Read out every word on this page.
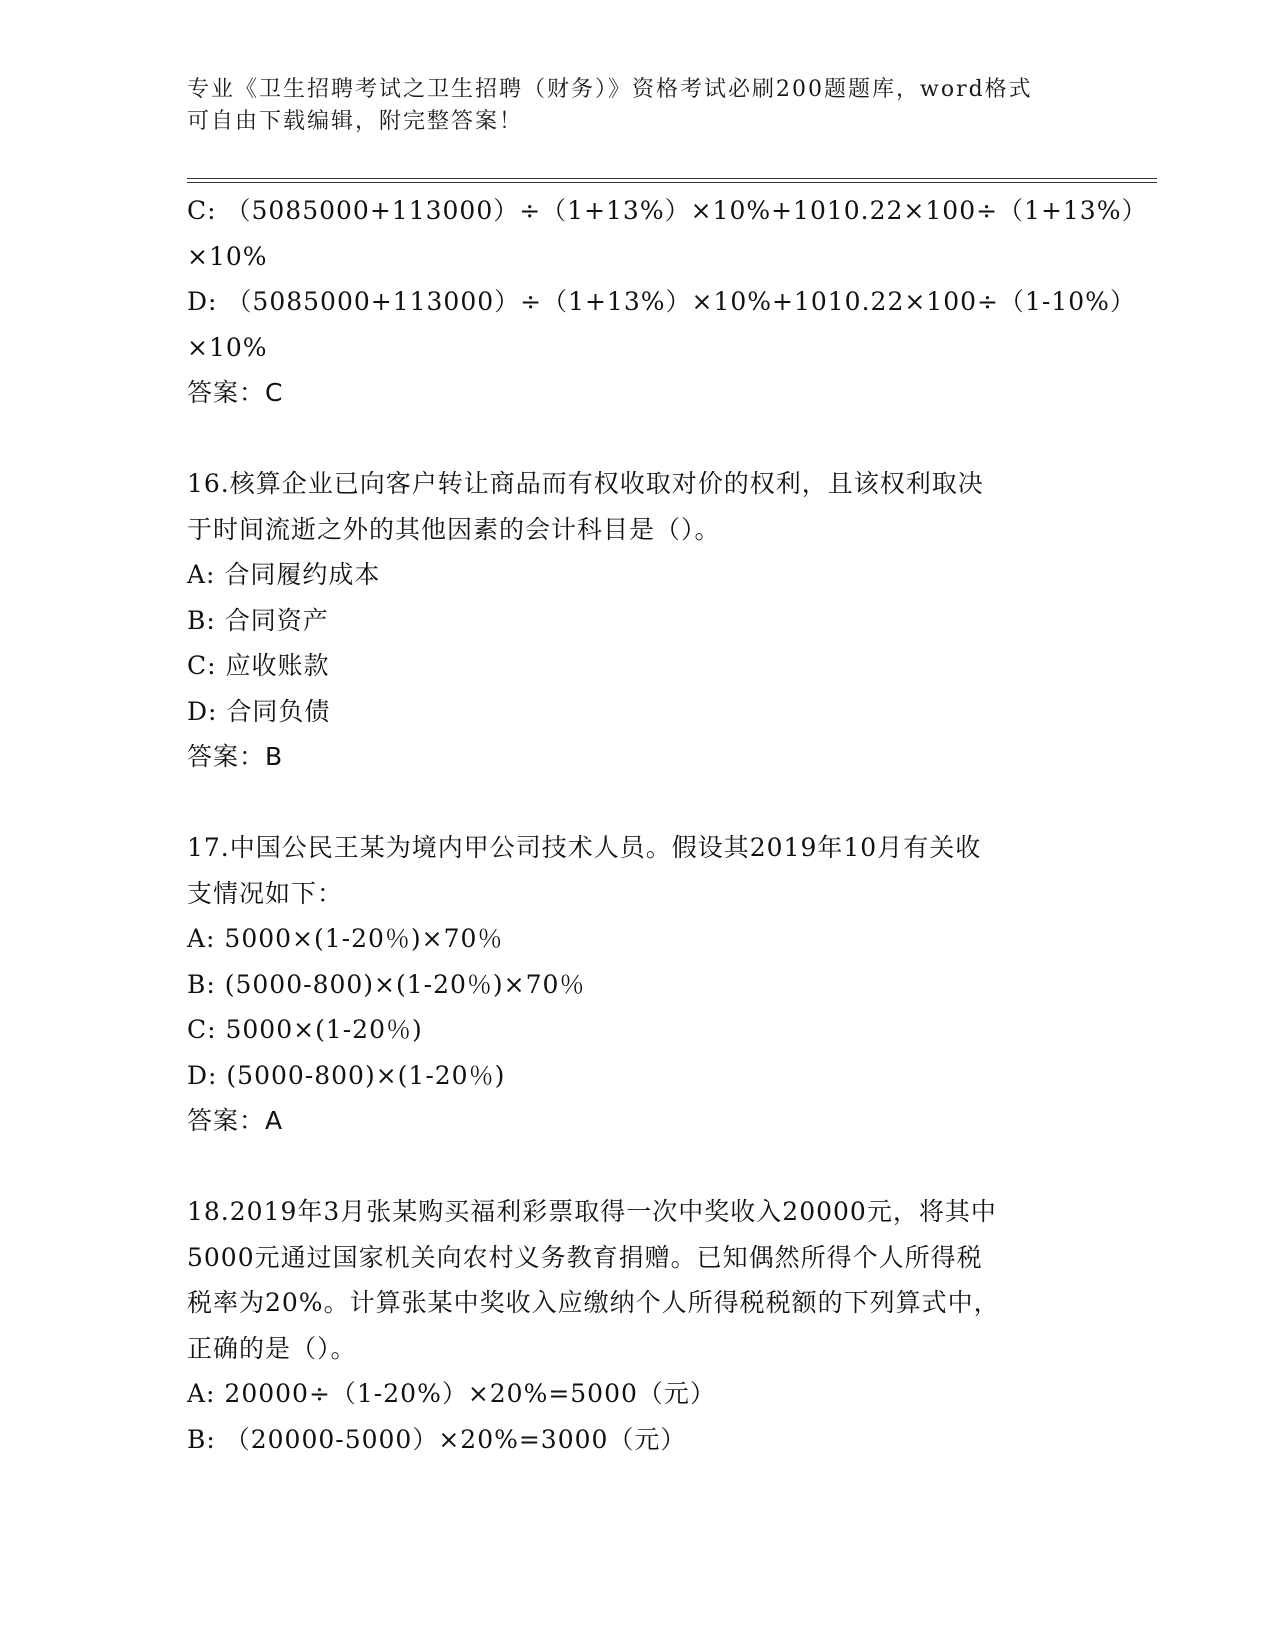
专业《卫生招聘考试之卫生招聘（财务）》资格考试必刷200题题库，word格式
可自由下载编辑，附完整答案！
C: （5085000+113000）÷（1+13%）×10%+1010.22×100÷（1+13%）
×10%
D: （5085000+113000）÷（1+13%）×10%+1010.22×100÷（1-10%）
×10%
答案：C
16.核算企业已向客户转让商品而有权收取对价的权利，且该权利取决
于时间流逝之外的其他因素的会计科目是（）。
A: 合同履约成本
B: 合同资产
C: 应收账款
D: 合同负债
答案：B
17.中国公民王某为境内甲公司技术人员。假设其2019年10月有关收
支情况如下：
A: 5000×(1-20％)×70％
B: (5000-800)×(1-20％)×70％
C: 5000×(1-20％)
D: (5000-800)×(1-20％)
答案：A
18.2019年3月张某购买福利彩票取得一次中奖收入20000元，将其中
5000元通过国家机关向农村义务教育捐赠。已知偶然所得个人所得税
税率为20%。计算张某中奖收入应缴纳个人所得税税额的下列算式中，
正确的是（）。
A: 20000÷（1-20%）×20%=5000（元）
B: （20000-5000）×20%=3000（元）
